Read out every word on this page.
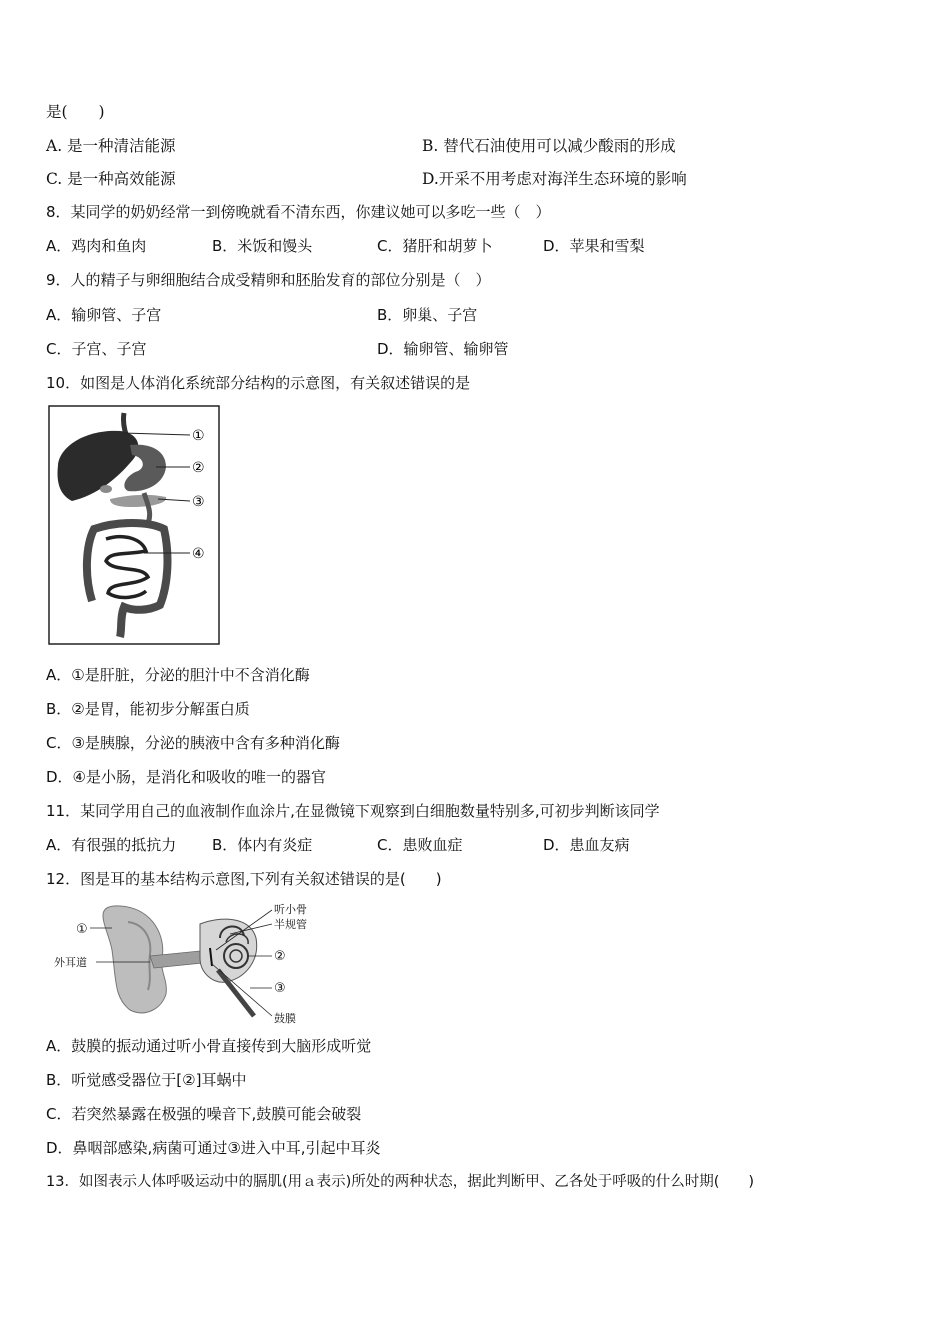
是(　　)
A. 是一种清洁能源	B. 替代石油使用可以减少酸雨的形成
C. 是一种高效能源	D.开采不用考虑对海洋生态环境的影响
8．某同学的奶奶经常一到傍晚就看不清东西，你建议她可以多吃一些（　）
A．鸡肉和鱼肉	B．米饭和馒头	C．猪肝和胡萝卜	D．苹果和雪梨
9．人的精子与卵细胞结合成受精卵和胚胎发育的部位分别是（　）
A．输卵管、子宫	B．卵巢、子宫
C．子宫、子宫	D．输卵管、输卵管
10．如图是人体消化系统部分结构的示意图，有关叙述错误的是
①
②
③
④
A．①是肝脏，分泌的胆汁中不含消化酶
B．②是胃，能初步分解蛋白质
C．③是胰腺，分泌的胰液中含有多种消化酶
D．④是小肠，是消化和吸收的唯一的器官
11．某同学用自己的血液制作血涂片,在显微镜下观察到白细胞数量特别多,可初步判断该同学
A．有很强的抵抗力 B．体内有炎症	C．患败血症	D．患血友病
12．图是耳的基本结构示意图,下列有关叙述错误的是(　　)
①
外耳道
听小骨
半规管
②
③
鼓膜
A．鼓膜的振动通过听小骨直接传到大脑形成听觉
B．听觉感受器位于[②]耳蜗中
C．若突然暴露在极强的噪音下,鼓膜可能会破裂
D．鼻咽部感染,病菌可通过③进入中耳,引起中耳炎
13．如图表示人体呼吸运动中的膈肌(用ａ表示)所处的两种状态，据此判断甲、乙各处于呼吸的什么时期(　　)
